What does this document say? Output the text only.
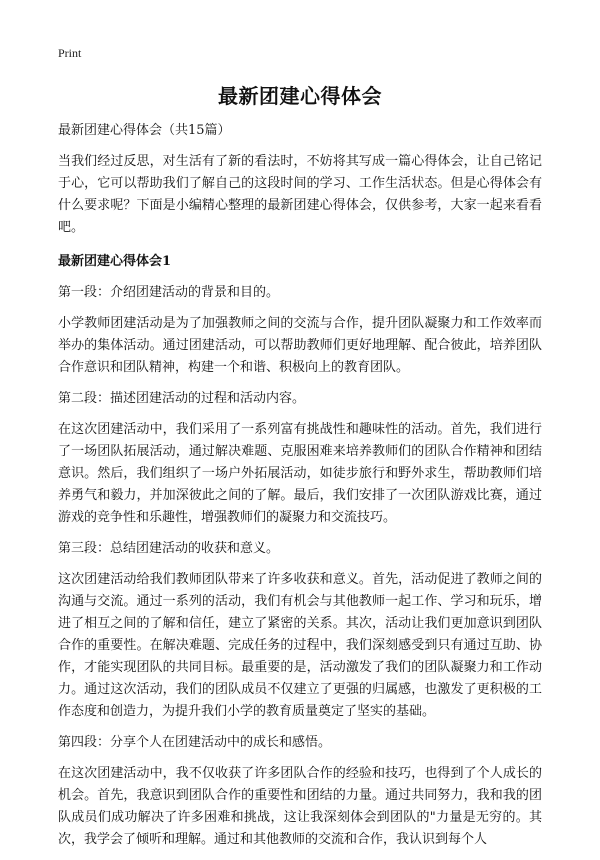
Print
最新团建心得体会

最新团建心得体会（共15篇）

当我们经过反思，对生活有了新的看法时，不妨将其写成一篇心得体会，让自己铭记于心，它可以帮助我们了解自己的这段时间的学习、工作生活状态。但是心得体会有什么要求呢？下面是小编精心整理的最新团建心得体会，仅供参考，大家一起来看看吧。

最新团建心得体会1

第一段：介绍团建活动的背景和目的。

小学教师团建活动是为了加强教师之间的交流与合作，提升团队凝聚力和工作效率而举办的集体活动。通过团建活动，可以帮助教师们更好地理解、配合彼此，培养团队合作意识和团队精神，构建一个和谐、积极向上的教育团队。

第二段：描述团建活动的过程和活动内容。

在这次团建活动中，我们采用了一系列富有挑战性和趣味性的活动。首先，我们进行了一场团队拓展活动，通过解决难题、克服困难来培养教师们的团队合作精神和团结意识。然后，我们组织了一场户外拓展活动，如徒步旅行和野外求生，帮助教师们培养勇气和毅力，并加深彼此之间的了解。最后，我们安排了一次团队游戏比赛，通过游戏的竞争性和乐趣性，增强教师们的凝聚力和交流技巧。

第三段：总结团建活动的收获和意义。

这次团建活动给我们教师团队带来了许多收获和意义。首先，活动促进了教师之间的沟通与交流。通过一系列的活动，我们有机会与其他教师一起工作、学习和玩乐，增进了相互之间的了解和信任，建立了紧密的关系。其次，活动让我们更加意识到团队合作的重要性。在解决难题、完成任务的过程中，我们深刻感受到只有通过互助、协作，才能实现团队的共同目标。最重要的是，活动激发了我们的团队凝聚力和工作动力。通过这次活动，我们的团队成员不仅建立了更强的归属感，也激发了更积极的工作态度和创造力，为提升我们小学的教育质量奠定了坚实的基础。

第四段：分享个人在团建活动中的成长和感悟。

在这次团建活动中，我不仅收获了许多团队合作的经验和技巧，也得到了个人成长的机会。首先，我意识到团队合作的重要性和团结的力量。通过共同努力，我和我的团队成员们成功解决了许多困难和挑战，这让我深刻体会到团队的"力量是无穷的。其次，我学会了倾听和理解。通过和其他教师的交流和合作，我认识到每个人
